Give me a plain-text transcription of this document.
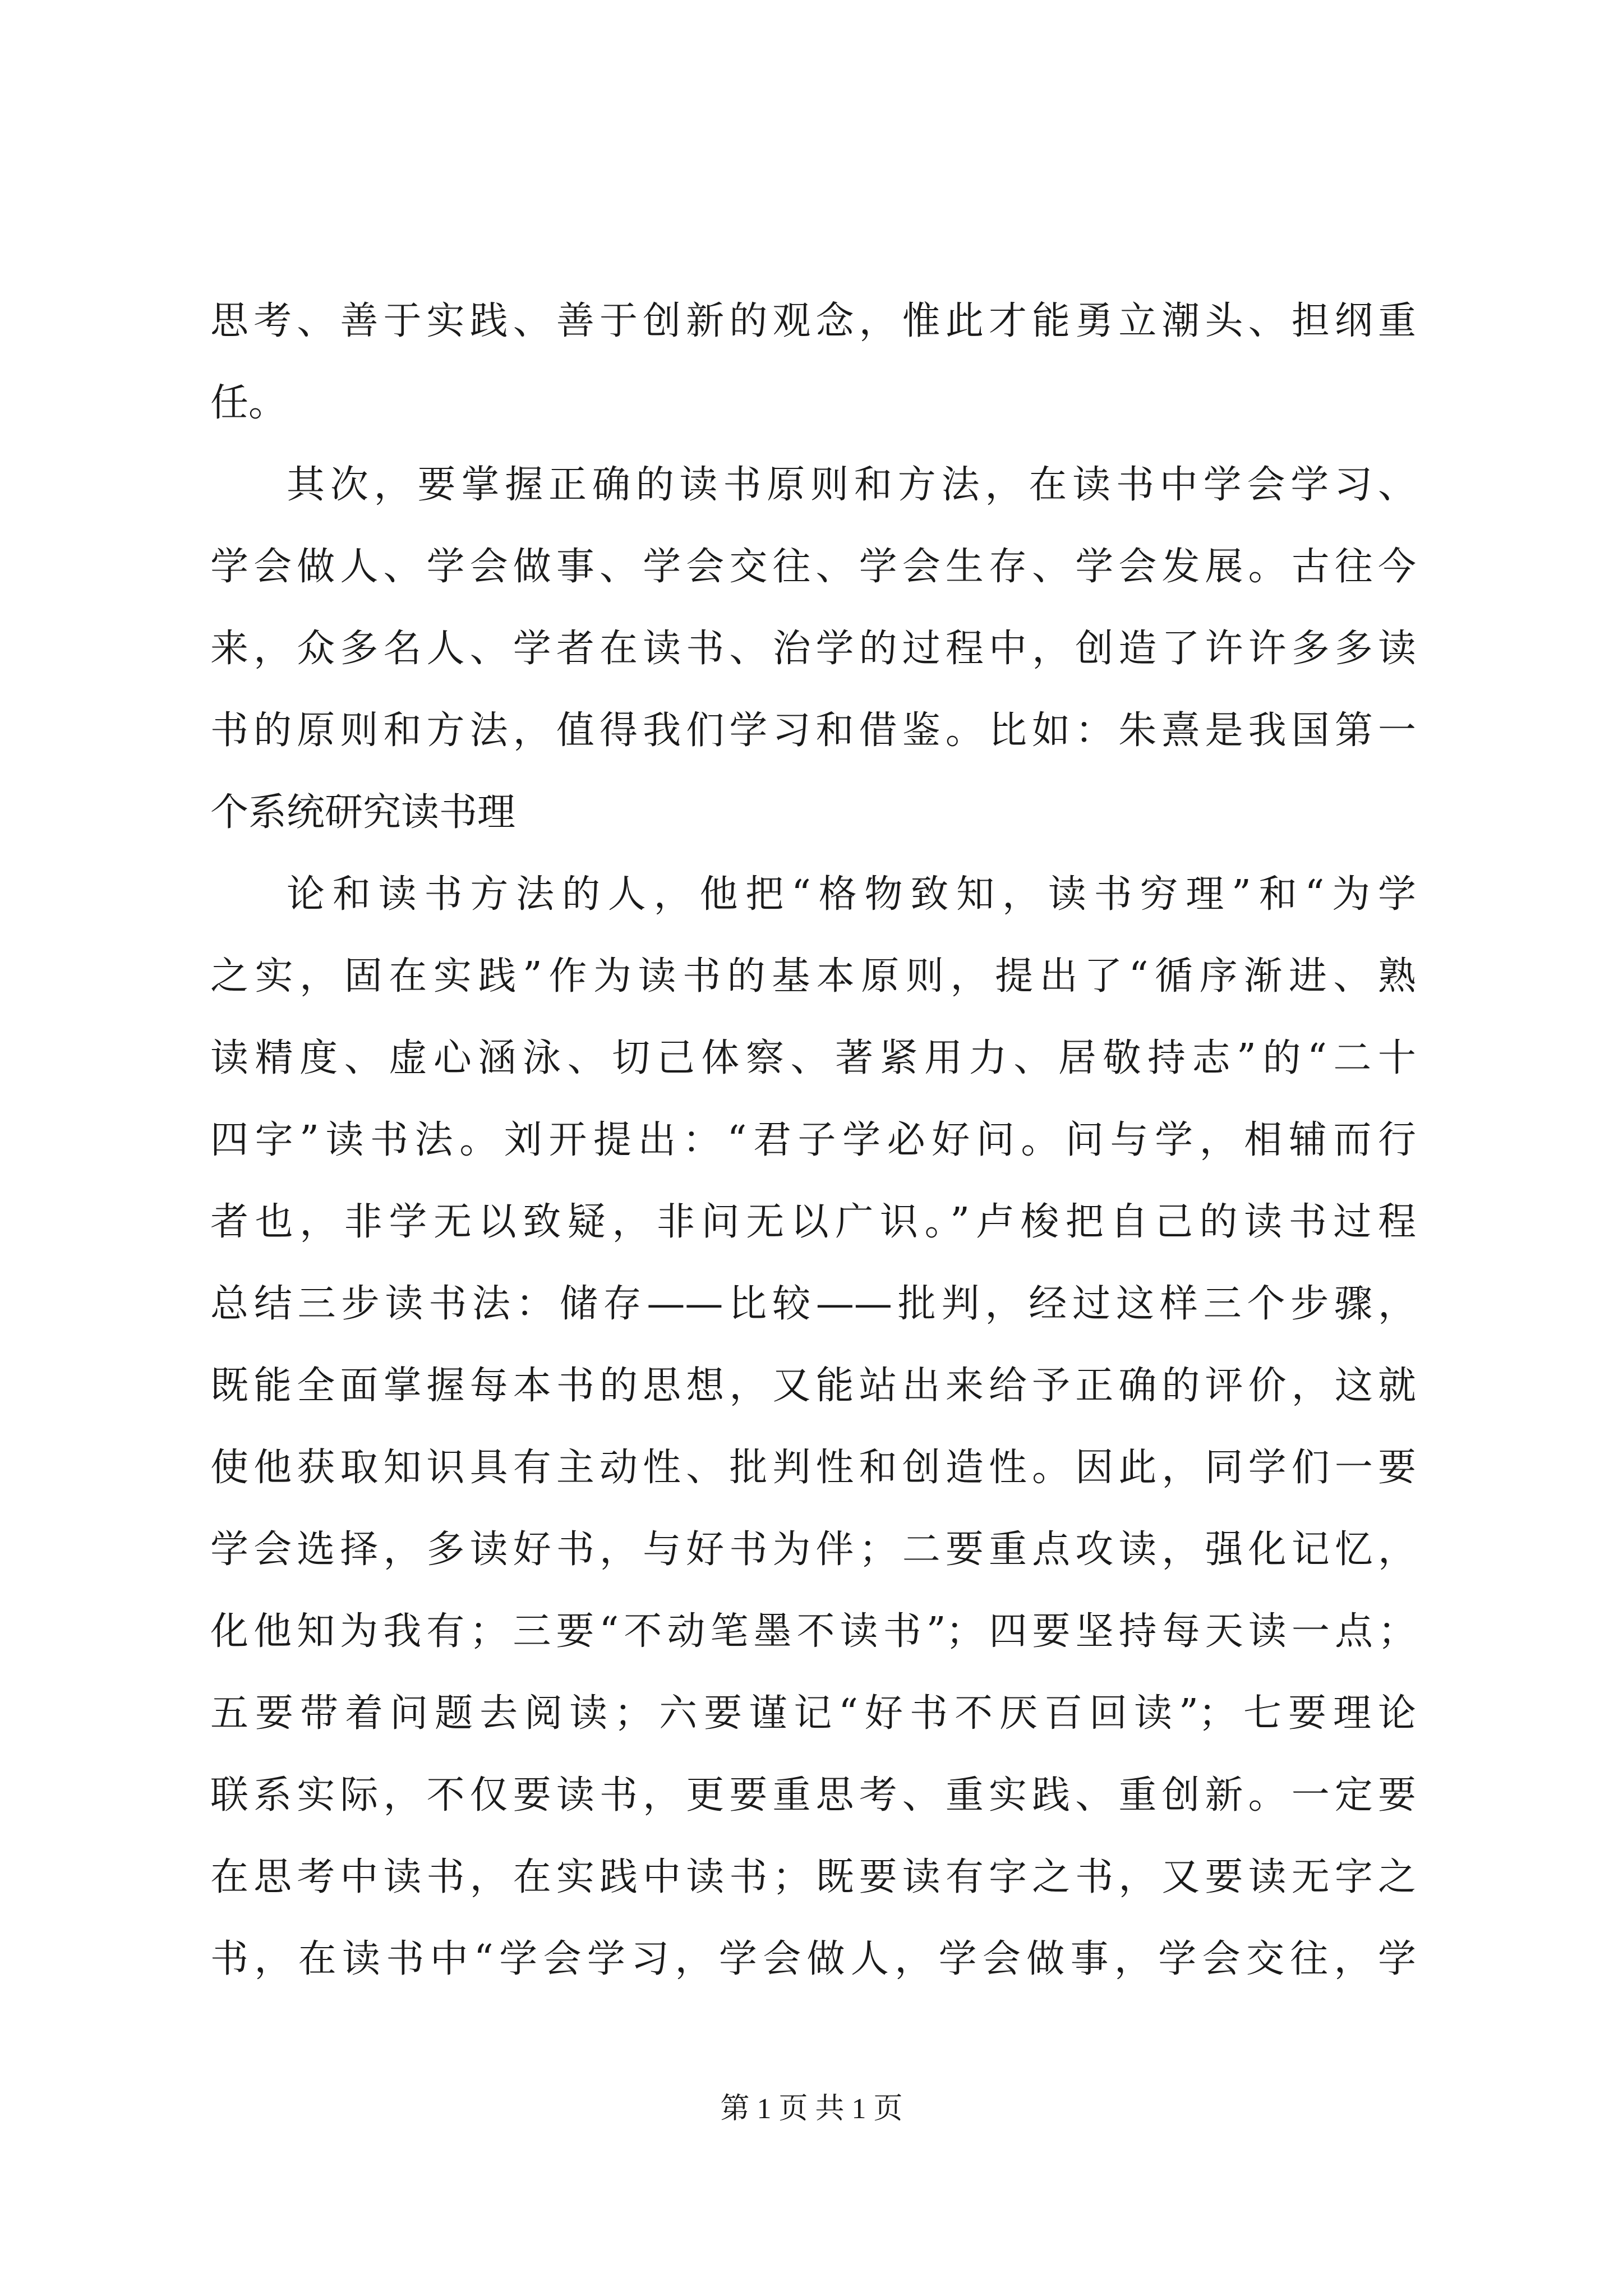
思考、善于实践、善于创新的观念，惟此才能勇立潮头、担纲重
任。
其次，要掌握正确的读书原则和方法，在读书中学会学习、
学会做人、学会做事、学会交往、学会生存、学会发展。古往今
来，众多名人、学者在读书、治学的过程中，创造了许许多多读
书的原则和方法，值得我们学习和借鉴。比如：朱熹是我国第一
个系统研究读书理
论和读书方法的人，他把“格物致知，读书穷理”和“为学
之实，固在实践”作为读书的基本原则，提出了“循序渐进、熟
读精度、虚心涵泳、切己体察、著紧用力、居敬持志”的“二十
四字”读书法。刘开提出：“君子学必好问。问与学，相辅而行
者也，非学无以致疑，非问无以广识。”卢梭把自己的读书过程
总结三步读书法：储存——比较——批判，经过这样三个步骤，
既能全面掌握每本书的思想，又能站出来给予正确的评价，这就
使他获取知识具有主动性、批判性和创造性。因此，同学们一要
学会选择，多读好书，与好书为伴；二要重点攻读，强化记忆，
化他知为我有；三要“不动笔墨不读书”；四要坚持每天读一点；
五要带着问题去阅读；六要谨记“好书不厌百回读”；七要理论
联系实际，不仅要读书，更要重思考、重实践、重创新。一定要
在思考中读书，在实践中读书；既要读有字之书，又要读无字之
书，在读书中“学会学习，学会做人，学会做事，学会交往，学
第 1 页 共 1 页
